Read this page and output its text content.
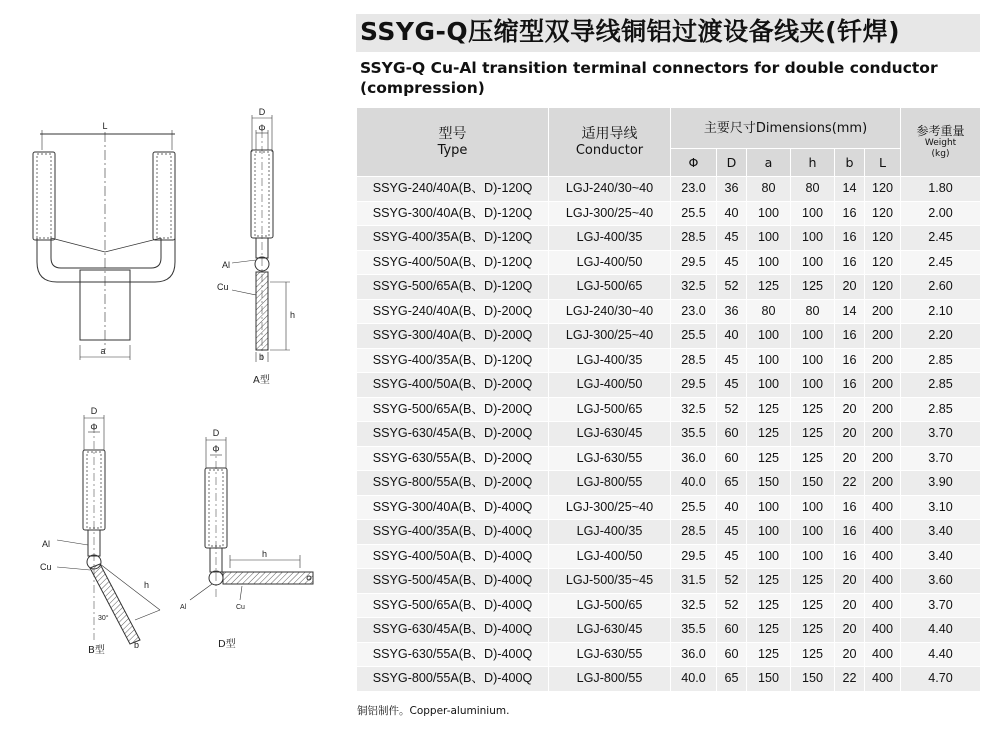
SSYG-Q压缩型双导线铜铝过渡设备线夹(钎焊)
SSYG-Q Cu-Al transition terminal connectors for double conductor (compression)
L
a
D
Φ
Al
Cu
h
b
A型
D
Φ
Al
Cu
h
30°
b
B型
D
Φ
h
Al	Cu
D型
型号
Type	适用导线
Conductor	主要尺寸Dimensions(mm)						参考重量
Weight
(kg)

		Φ	D	a	h	b	L	
SSYG-240/40A(B、D)-120Q	LGJ-240/30~40	23.0	36	80	80	14	120	1.80
SSYG-300/40A(B、D)-120Q	LGJ-300/25~40	25.5	40	100	100	16	120	2.00
SSYG-400/35A(B、D)-120Q	LGJ-400/35	28.5	45	100	100	16	120	2.45
SSYG-400/50A(B、D)-120Q	LGJ-400/50	29.5	45	100	100	16	120	2.45
SSYG-500/65A(B、D)-120Q	LGJ-500/65	32.5	52	125	125	20	120	2.60
SSYG-240/40A(B、D)-200Q	LGJ-240/30~40	23.0	36	80	80	14	200	2.10
SSYG-300/40A(B、D)-200Q	LGJ-300/25~40	25.5	40	100	100	16	200	2.20
SSYG-400/35A(B、D)-120Q	LGJ-400/35	28.5	45	100	100	16	200	2.85
SSYG-400/50A(B、D)-200Q	LGJ-400/50	29.5	45	100	100	16	200	2.85
SSYG-500/65A(B、D)-200Q	LGJ-500/65	32.5	52	125	125	20	200	2.85
SSYG-630/45A(B、D)-200Q	LGJ-630/45	35.5	60	125	125	20	200	3.70
SSYG-630/55A(B、D)-200Q	LGJ-630/55	36.0	60	125	125	20	200	3.70
SSYG-800/55A(B、D)-200Q	LGJ-800/55	40.0	65	150	150	22	200	3.90
SSYG-300/40A(B、D)-400Q	LGJ-300/25~40	25.5	40	100	100	16	400	3.10
SSYG-400/35A(B、D)-400Q	LGJ-400/35	28.5	45	100	100	16	400	3.40
SSYG-400/50A(B、D)-400Q	LGJ-400/50	29.5	45	100	100	16	400	3.40
SSYG-500/45A(B、D)-400Q	LGJ-500/35~45	31.5	52	125	125	20	400	3.60
SSYG-500/65A(B、D)-400Q	LGJ-500/65	32.5	52	125	125	20	400	3.70
SSYG-630/45A(B、D)-400Q	LGJ-630/45	35.5	60	125	125	20	400	4.40
SSYG-630/55A(B、D)-400Q	LGJ-630/55	36.0	60	125	125	20	400	4.40
SSYG-800/55A(B、D)-400Q	LGJ-800/55	40.0	65	150	150	22	400	4.70
铜铝制件。Copper-aluminium.
